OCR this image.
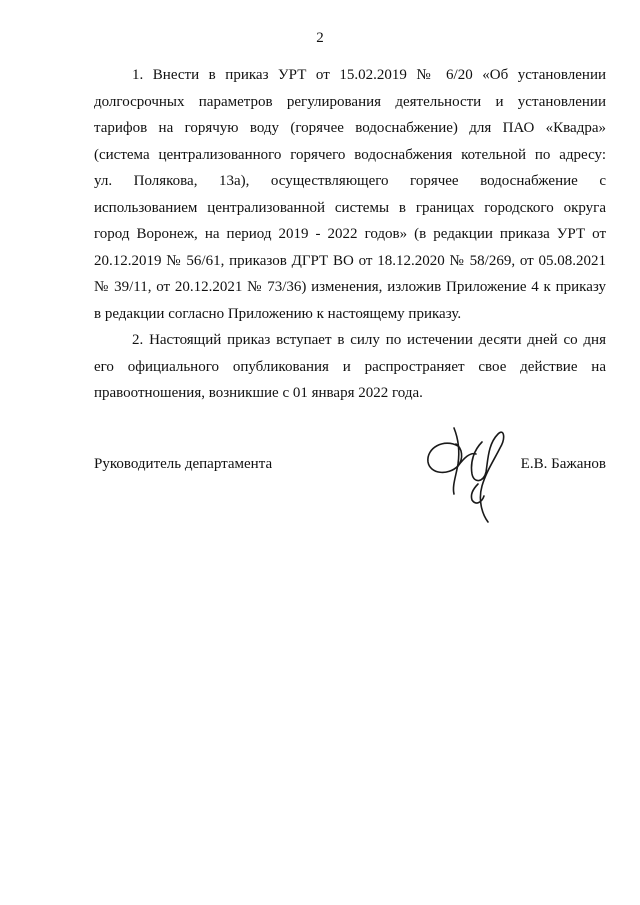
2
1. Внести в приказ УРТ от 15.02.2019 № 6/20 «Об установлении
долгосрочных параметров регулирования деятельности и установлении
тарифов на горячую воду (горячее водоснабжение) для ПАО «Квадра»
(система централизованного горячего водоснабжения котельной по адресу:
ул. Полякова, 13а), осуществляющего горячее водоснабжение с
использованием централизованной системы в границах городского округа
город Воронеж, на период 2019 - 2022 годов» (в редакции приказа УРТ от
20.12.2019 № 56/61, приказов ДГРТ ВО от 18.12.2020 № 58/269, от 05.08.2021
№ 39/11, от 20.12.2021 № 73/36) изменения, изложив Приложение 4 к приказу
в редакции согласно Приложению к настоящему приказу.
2. Настоящий приказ вступает в силу по истечении десяти дней со дня
его официального опубликования и распространяет свое действие на
правоотношения, возникшие с 01 января 2022 года.
Руководитель департамента	Е.В. Бажанов
